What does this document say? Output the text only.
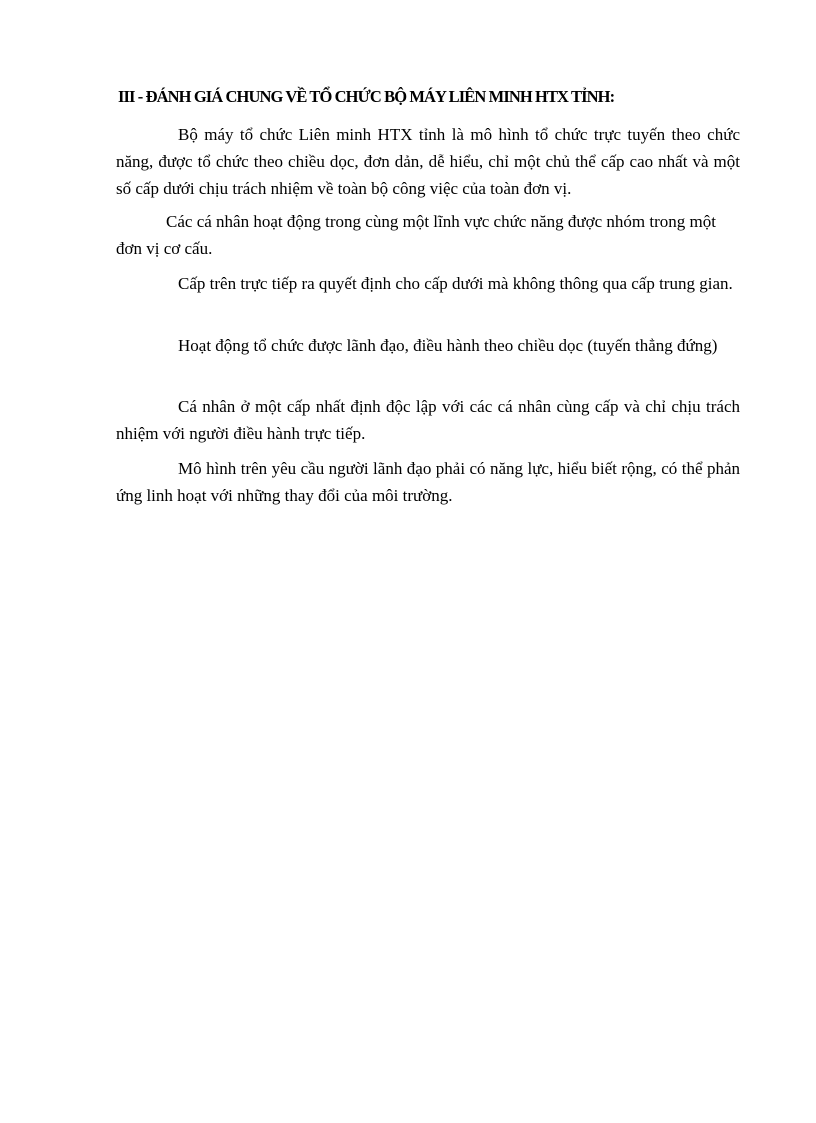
III - ĐÁNH GIÁ CHUNG VỀ TỔ CHỨC BỘ MÁY LIÊN MINH HTX TỈNH:

Bộ máy tổ chức Liên minh HTX tỉnh là mô hình tổ chức trực tuyến theo chức năng, được tổ chức theo chiều dọc, đơn dản, dễ hiểu, chỉ một chủ thể cấp cao nhất và một số cấp dưới chịu trách nhiệm về toàn bộ công việc của toàn đơn vị.

Các cá nhân hoạt động trong cùng một lĩnh vực chức năng được nhóm trong một đơn vị cơ cấu.

Cấp trên trực tiếp ra quyết định cho cấp dưới mà không thông qua cấp trung gian.

Hoạt động tổ chức được lãnh đạo, điều hành theo chiều dọc (tuyến thẳng đứng)

Cá nhân ở một cấp nhất định độc lập với các cá nhân cùng cấp và chỉ chịu trách nhiệm với người điều hành trực tiếp.

Mô hình trên yêu cầu người lãnh đạo phải có năng lực, hiểu biết rộng, có thể phản ứng linh hoạt với những thay đổi của môi trường.
